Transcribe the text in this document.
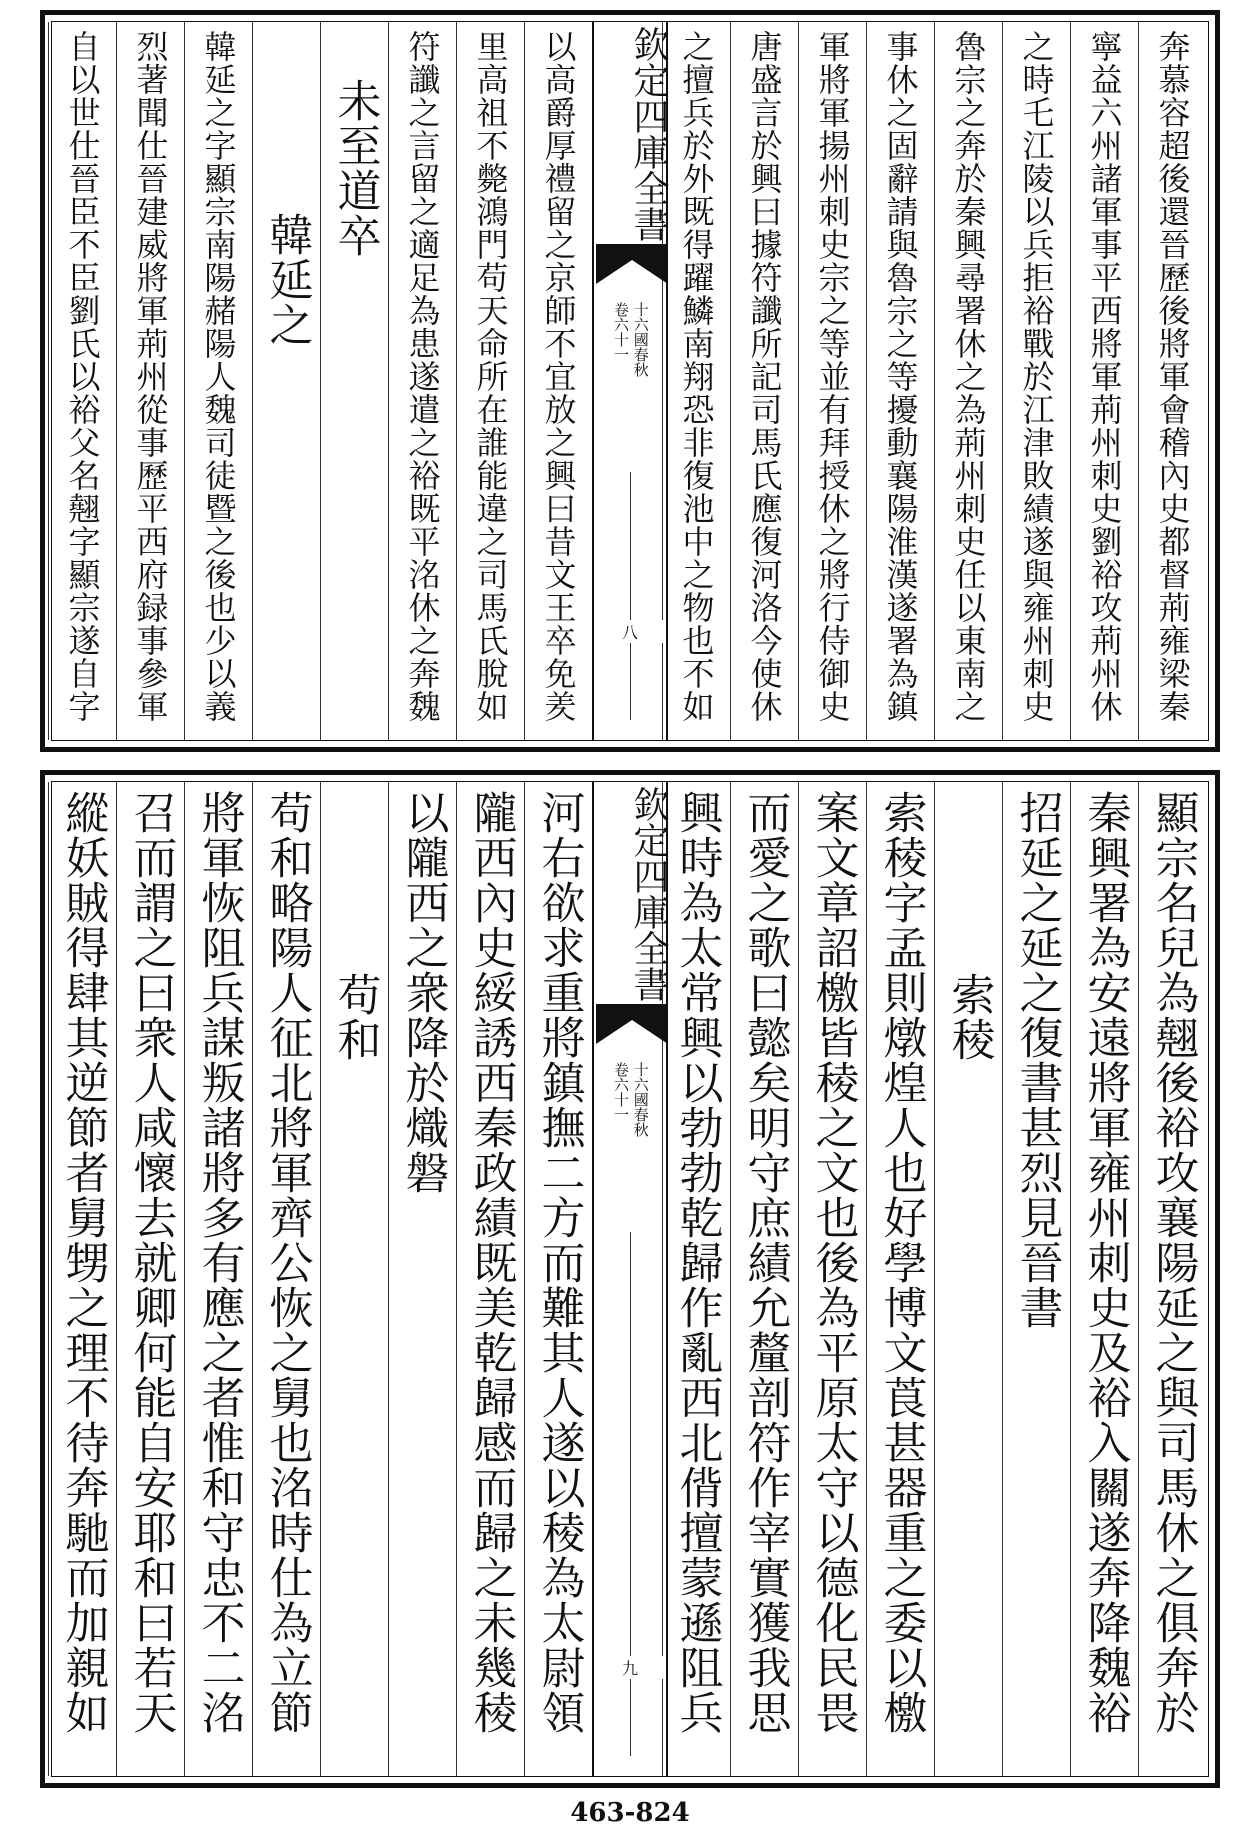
奔慕容超後還晉歷後將軍會稽內史都督荊雍梁秦
寧益六州諸軍事平西將軍荊州刺史劉裕攻荊州休
之時乇江陵以兵拒裕戰於江津敗績遂與雍州刺史
魯宗之奔於秦興尋署休之為荊州刺史任以東南之
事休之固辭請與魯宗之等擾動襄陽淮漢遂署為鎮
軍將軍揚州刺史宗之等並有拜授休之將行侍御史
唐盛言於興曰據符讖所記司馬氏應復河洛今使休
之擅兵於外既得躍鱗南翔恐非復池中之物也不如
以高爵厚禮留之京師不宜放之興曰昔文王卒免羑
里高祖不斃鴻門苟天命所在誰能違之司馬氏脫如
符讖之言留之適足為患遂遣之裕既平洺休之奔魏
未至道卒
韓延之
韓延之字顯宗南陽赭陽人魏司徒暨之後也少以義
烈著聞仕晉建威將軍荊州從事歷平西府録事參軍
自以世仕晉臣不臣劉氏以裕父名翹字顯宗遂自字	欽定四庫全書
卷六十一 十六國春秋
八
顯宗名兒為翹後裕攻襄陽延之與司馬休之俱奔於
秦興署為安遠將軍雍州刺史及裕入關遂奔降魏裕
招延之延之復書甚烈見晉書
索稜
索稜字孟則燉煌人也好學博文莨甚器重之委以檄
案文章詔檄皆稜之文也後為平原太守以德化民畏
而愛之歌曰懿矣明守庶績允釐剖符作宰實獲我思
興時為太常興以勃勃乾歸作亂西北偝擅蒙遜阻兵
河右欲求重將鎮撫二方而難其人遂以稜為太尉領
隴西內史綏誘西秦政績既美乾歸感而歸之未幾稜
以隴西之衆降於熾磐
苟和
苟和略陽人征北將軍齊公恢之舅也洺時仕為立節
將軍恢阻兵謀叛諸將多有應之者惟和守忠不二洺
召而謂之曰衆人咸懷去就卿何能自安耶和曰若天
縱妖賊得肆其逆節者舅甥之理不待奔馳而加親如	欽定四庫全書
卷六十一 十六國春秋
九
463-824
